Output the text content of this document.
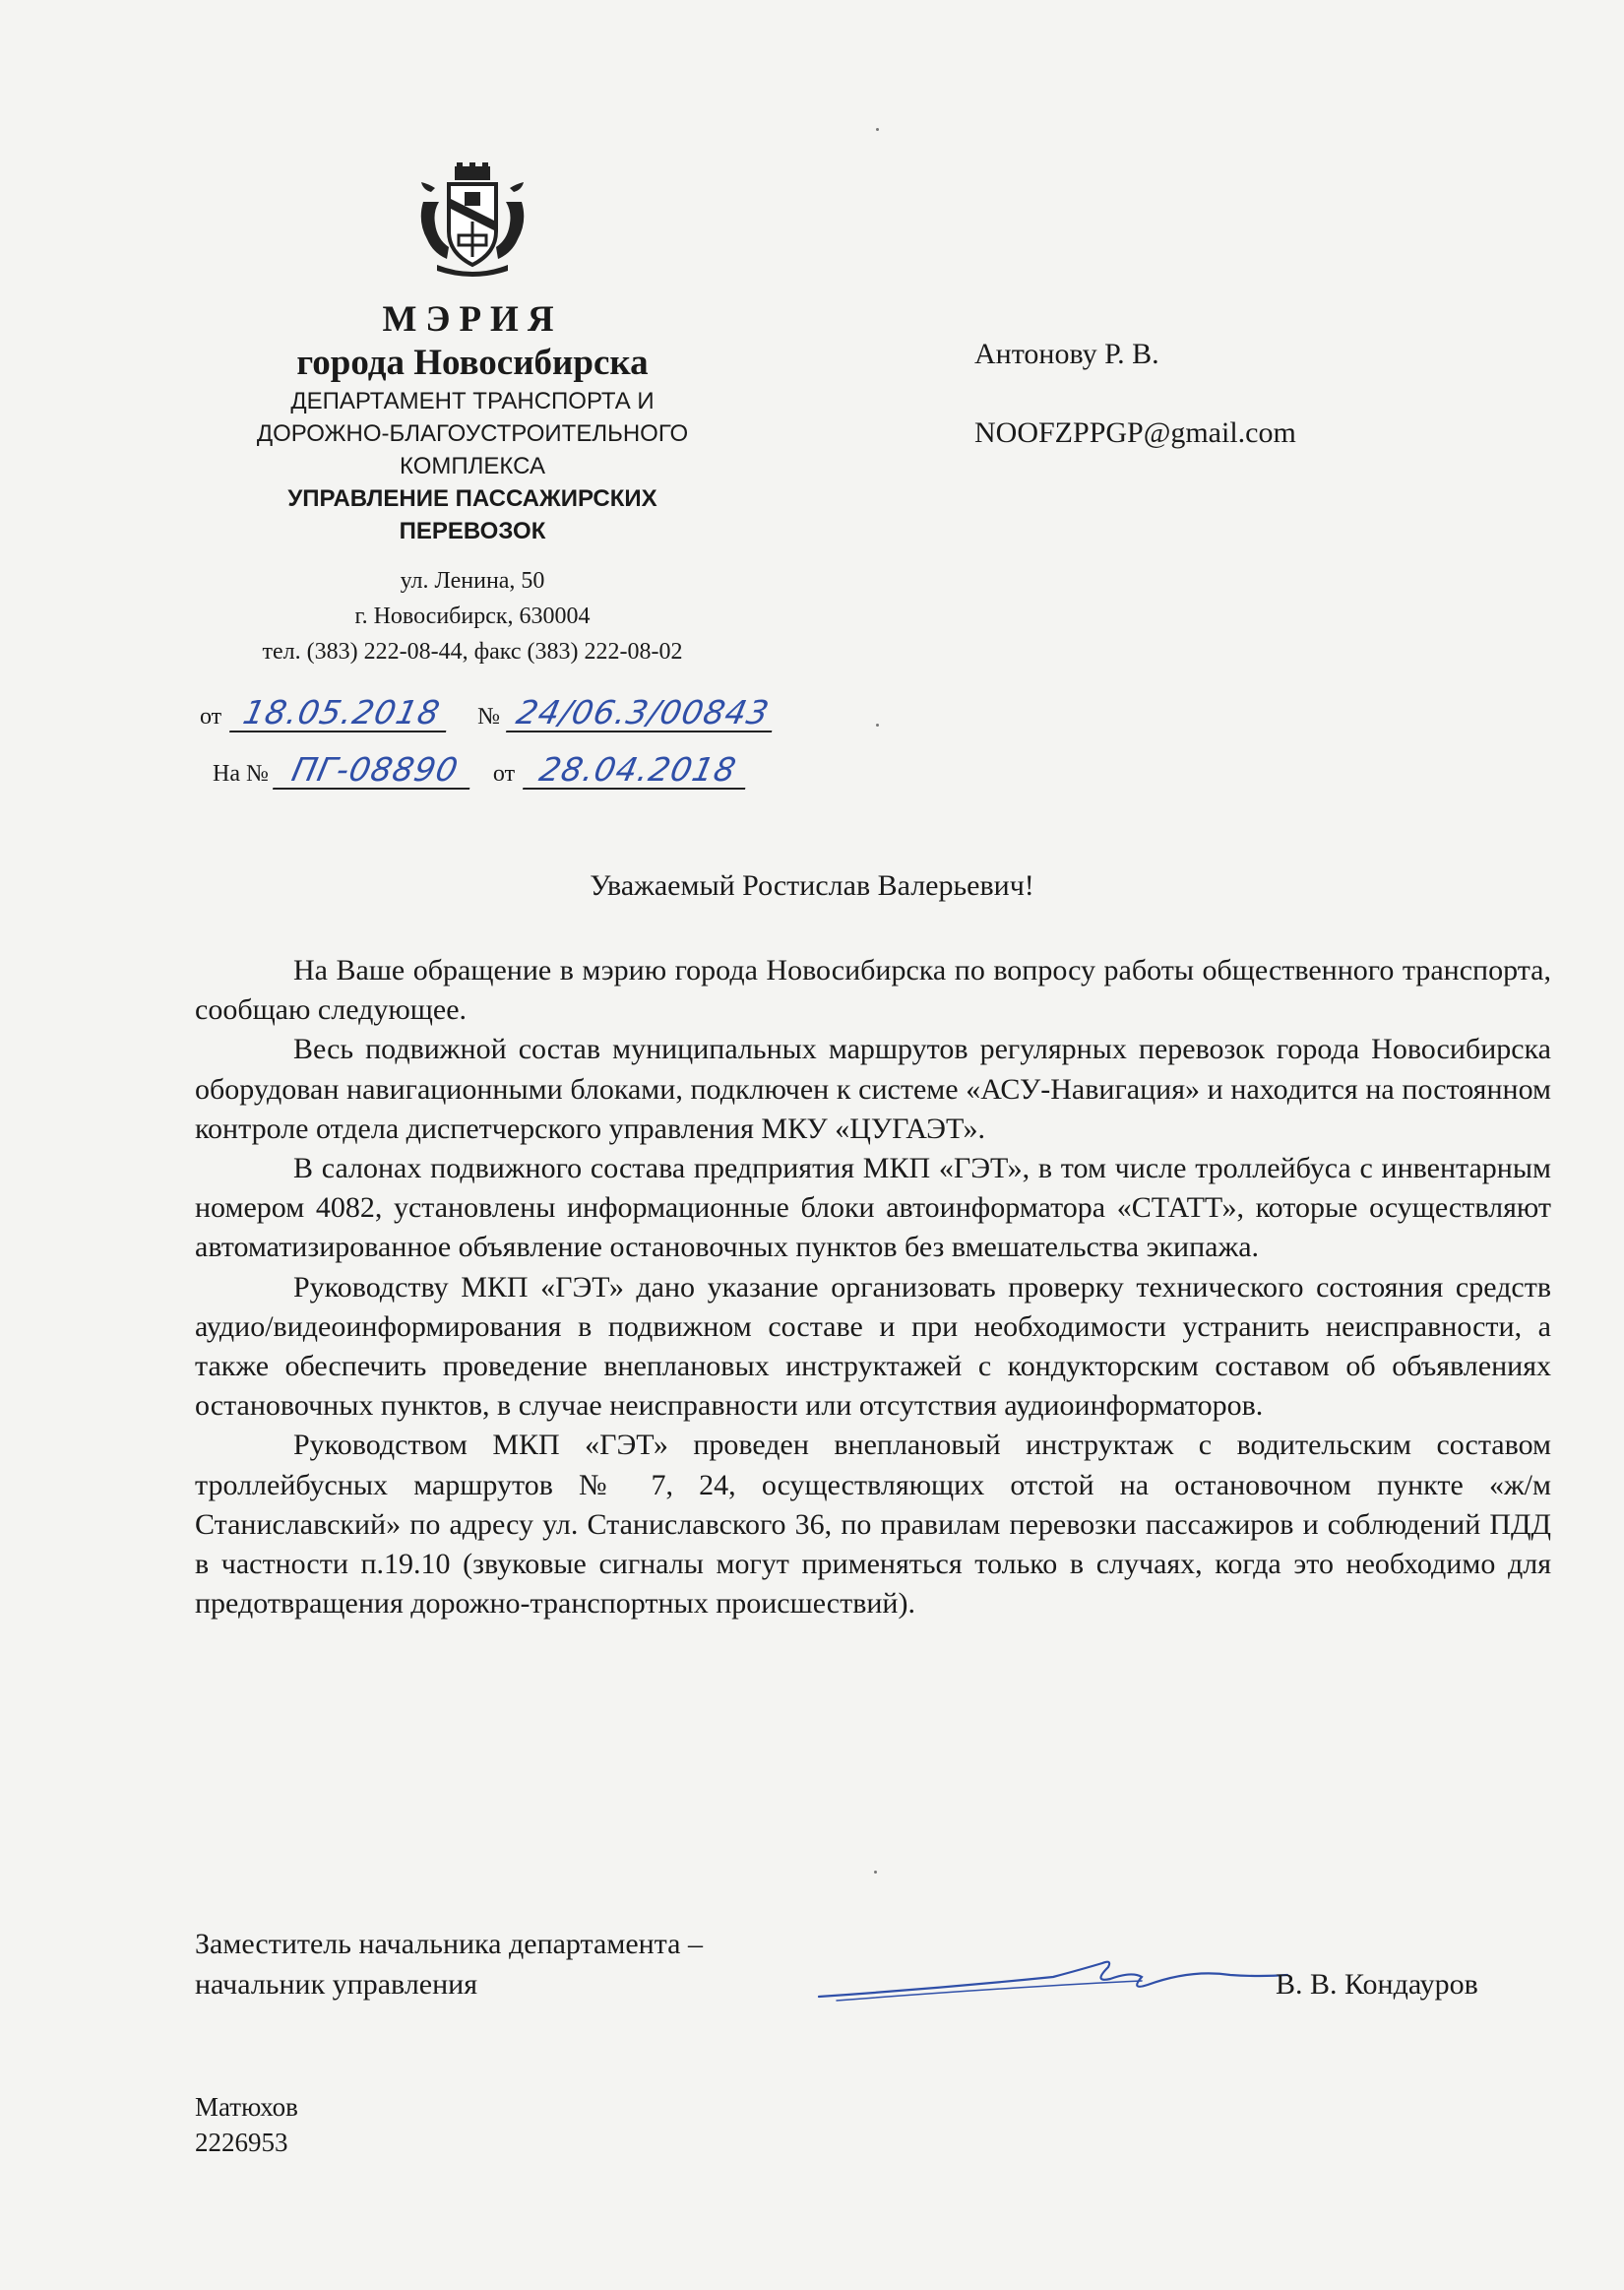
МЭРИЯ
города Новосибирска
ДЕПАРТАМЕНТ ТРАНСПОРТА И
ДОРОЖНО-БЛАГОУСТРОИТЕЛЬНОГО
КОМПЛЕКСА
УПРАВЛЕНИЕ ПАССАЖИРСКИХ
ПЕРЕВОЗОК
ул. Ленина, 50
г. Новосибирск, 630004
тел. (383) 222-08-44, факс (383) 222-08-02
от 18.05.2018 № 24/06.3/00843
На № ПГ-08890 от 28.04.2018
Антонову Р. В.
NOOFZPPGP@gmail.com
Уважаемый Ростислав Валерьевич!

На Ваше обращение в мэрию города Новосибирска по вопросу работы общественного транспорта, сообщаю следующее.

Весь подвижной состав муниципальных маршрутов регулярных перевозок города Новосибирска оборудован навигационными блоками, подключен к системе «АСУ-Навигация» и находится на постоянном контроле отдела диспетчерского управления МКУ «ЦУГАЭТ».

В салонах подвижного состава предприятия МКП «ГЭТ», в том числе троллейбуса с инвентарным номером 4082, установлены информационные блоки автоинформатора «СТАТТ», которые осуществляют автоматизированное объявление остановочных пунктов без вмешательства экипажа.

Руководству МКП «ГЭТ» дано указание организовать проверку технического состояния средств аудио/видеоинформирования в подвижном составе и при необходимости устранить неисправности, а также обеспечить проведение внеплановых инструктажей с кондукторским составом об объявлениях остановочных пунктов, в случае неисправности или отсутствия аудиоинформаторов.

Руководством МКП «ГЭТ» проведен внеплановый инструктаж с водительским составом троллейбусных маршрутов № 7, 24, осуществляющих отстой на остановочном пункте «ж/м Станиславский» по адресу ул. Станиславского 36, по правилам перевозки пассажиров и соблюдений ПДД в частности п.19.10 (звуковые сигналы могут применяться только в случаях, когда это необходимо для предотвращения дорожно-транспортных происшествий).

Заместитель начальника департамента –
начальник управления	В. В. Кондауров
Матюхов
2226953
